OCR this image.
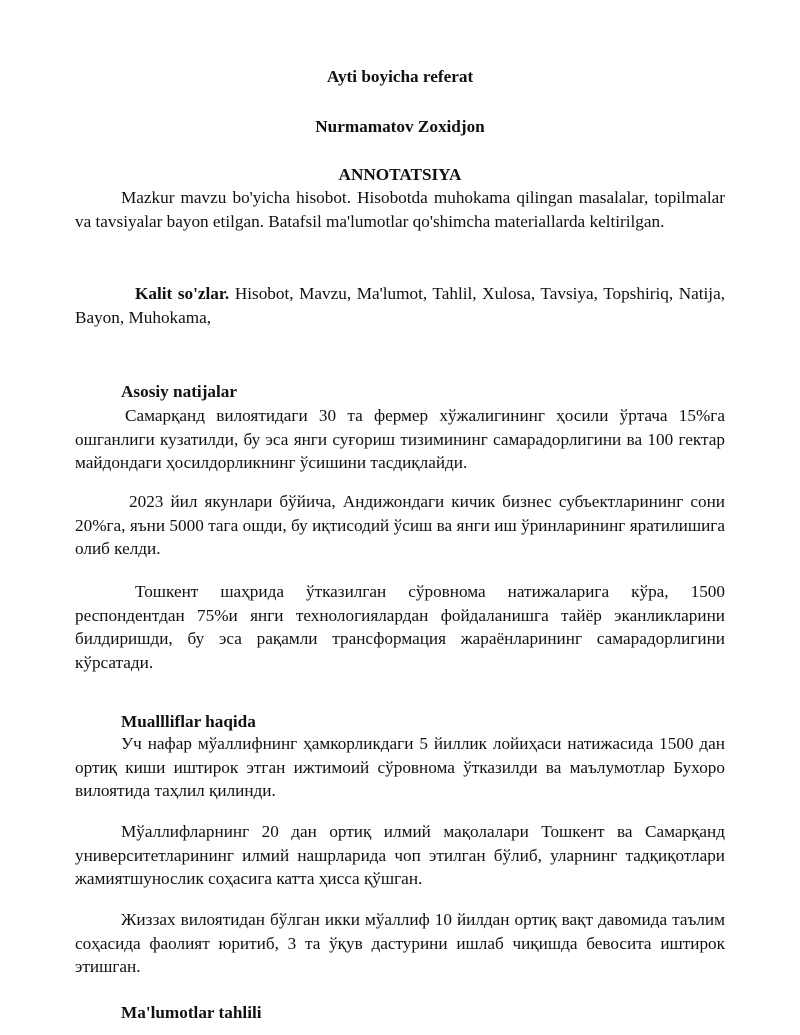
Ayti boyicha referat

Nurmamatov Zoxidjon

ANNOTATSIYA

Mazkur mavzu bo'yicha hisobot. Hisobotda muhokama qilingan masalalar, topilmalar va tavsiyalar bayon etilgan. Batafsil ma'lumotlar qo'shimcha materiallarda keltirilgan.

Kalit so'zlar. Hisobot, Mavzu, Ma'lumot, Tahlil, Xulosa, Tavsiya, Topshiriq, Natija, Bayon, Muhokama,

Asosiy natijalar

Самарқанд вилоятидаги 30 та фермер хўжалигининг ҳосили ўртача 15%га ошганлиги кузатилди, бу эса янги суғориш тизимининг самарадорлигини ва 100 гектар майдондаги ҳосилдорликнинг ўсишини тасдиқлайди.

2023 йил якунлари бўйича, Андижондаги кичик бизнес субъектларининг сони 20%га, яъни 5000 тага ошди, бу иқтисодий ўсиш ва янги иш ўринларининг яратилишига олиб келди.

Тошкент шаҳрида ўтказилган сўровнома натижаларига кўра, 1500 респондентдан 75%и янги технологиялардан фойдаланишга тайёр эканликларини билдиришди, бу эса рақамли трансформация жараёнларининг самарадорлигини кўрсатади.

Muallliflar haqida

Уч нафар мўаллифнинг ҳамкорликдаги 5 йиллик лойиҳаси натижасида 1500 дан ортиқ киши иштирок этган ижтимоий сўровнома ўтказилди ва маълумотлар Бухоро вилоятида таҳлил қилинди.

Мўаллифларнинг 20 дан ортиқ илмий мақолалари Тошкент ва Самарқанд университетларининг илмий нашрларида чоп этилган бўлиб, уларнинг тадқиқотлари жамиятшунослик соҳасига катта ҳисса қўшган.

Жиззах вилоятидан бўлган икки мўаллиф 10 йилдан ортиқ вақт давомида таълим соҳасида фаолият юритиб, 3 та ўқув дастурини ишлаб чиқишда бевосита иштирок этишган.

Ma'lumotlar tahlili
